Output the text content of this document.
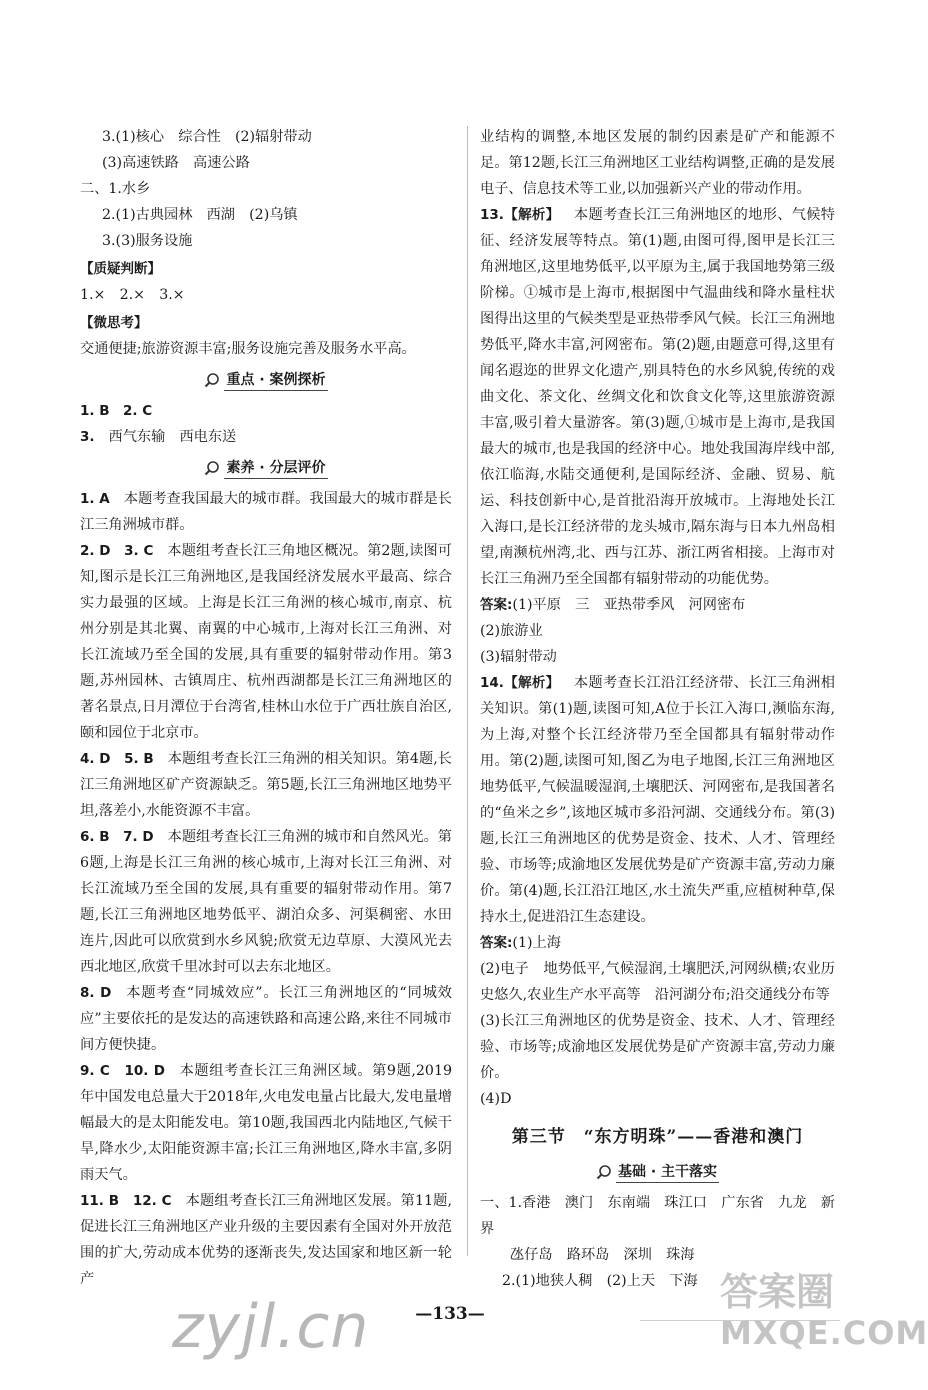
3.(1)核心　综合性　(2)辐射带动

(3)高速铁路　高速公路

二、1.水乡

2.(1)古典园林　西湖　(2)乌镇

3.(3)服务设施

【质疑判断】

1.×　2.×　3.×

【微思考】

交通便捷;旅游资源丰富;服务设施完善及服务水平高。

重点 · 案例探析

1. B　2. C

3. 西气东输　西电东送

素养 · 分层评价

1. A 本题考查我国最大的城市群。我国最大的城市群是长江三角洲城市群。

2. D　3. C 本题组考查长江三角地区概况。第2题,读图可知,图示是长江三角洲地区,是我国经济发展水平最高、综合实力最强的区域。上海是长江三角洲的核心城市,南京、杭州分别是其北翼、南翼的中心城市,上海对长江三角洲、对长江流域乃至全国的发展,具有重要的辐射带动作用。第3题,苏州园林、古镇周庄、杭州西湖都是长江三角洲地区的著名景点,日月潭位于台湾省,桂林山水位于广西壮族自治区,颐和园位于北京市。

4. D　5. B 本题组考查长江三角洲的相关知识。第4题,长江三角洲地区矿产资源缺乏。第5题,长江三角洲地区地势平坦,落差小,水能资源不丰富。

6. B　7. D 本题组考查长江三角洲的城市和自然风光。第6题,上海是长江三角洲的核心城市,上海对长江三角洲、对长江流域乃至全国的发展,具有重要的辐射带动作用。第7题,长江三角洲地区地势低平、湖泊众多、河渠稠密、水田连片,因此可以欣赏到水乡风貌;欣赏无边草原、大漠风光去西北地区,欣赏千里冰封可以去东北地区。

8. D 本题考查“同城效应”。长江三角洲地区的“同城效应”主要依托的是发达的高速铁路和高速公路,来往不同城市间方便快捷。

9. C　10. D 本题组考查长江三角洲区域。第9题,2019年中国发电总量大于2018年,火电发电量占比最大,发电量增幅最大的是太阳能发电。第10题,我国西北内陆地区,气候干旱,降水少,太阳能资源丰富;长江三角洲地区,降水丰富,多阴雨天气。

11. B　12. C 本题组考查长江三角洲地区发展。第11题,促进长江三角洲地区产业升级的主要因素有全国对外开放范围的扩大,劳动成本优势的逐渐丧失,发达国家和地区新一轮产

业结构的调整,本地区发展的制约因素是矿产和能源不足。第12题,长江三角洲地区工业结构调整,正确的是发展电子、信息技术等工业,以加强新兴产业的带动作用。

13.【解析】 本题考查长江三角洲地区的地形、气候特征、经济发展等特点。第(1)题,由图可得,图甲是长江三角洲地区,这里地势低平,以平原为主,属于我国地势第三级阶梯。①城市是上海市,根据图中气温曲线和降水量柱状图得出这里的气候类型是亚热带季风气候。长江三角洲地势低平,降水丰富,河网密布。第(2)题,由题意可得,这里有闻名遐迩的世界文化遗产,别具特色的水乡风貌,传统的戏曲文化、茶文化、丝绸文化和饮食文化等,这里旅游资源丰富,吸引着大量游客。第(3)题,①城市是上海市,是我国最大的城市,也是我国的经济中心。地处我国海岸线中部,依江临海,水陆交通便利,是国际经济、金融、贸易、航运、科技创新中心,是首批沿海开放城市。上海地处长江入海口,是长江经济带的龙头城市,隔东海与日本九州岛相望,南濒杭州湾,北、西与江苏、浙江两省相接。上海市对长江三角洲乃至全国都有辐射带动的功能优势。

答案:(1)平原　三　亚热带季风　河网密布

(2)旅游业

(3)辐射带动

14.【解析】 本题考查长江沿江经济带、长江三角洲相关知识。第(1)题,读图可知,A位于长江入海口,濒临东海,为上海,对整个长江经济带乃至全国都具有辐射带动作用。第(2)题,读图可知,图乙为电子地图,长江三角洲地区地势低平,气候温暖湿润,土壤肥沃、河网密布,是我国著名的“鱼米之乡”,该地区城市多沿河湖、交通线分布。第(3)题,长江三角洲地区的优势是资金、技术、人才、管理经验、市场等;成渝地区发展优势是矿产资源丰富,劳动力廉价。第(4)题,长江沿江地区,水土流失严重,应植树种草,保持水土,促进沿江生态建设。

答案:(1)上海

(2)电子　地势低平,气候湿润,土壤肥沃,河网纵横;农业历史悠久,农业生产水平高等　沿河湖分布;沿交通线分布等

(3)长江三角洲地区的优势是资金、技术、人才、管理经验、市场等;成渝地区发展优势是矿产资源丰富,劳动力廉价。

(4)D

第三节　“东方明珠”——香港和澳门
基础 · 主干落实

一、1.香港　澳门　东南端　珠江口　广东省　九龙　新界

氹仔岛　路环岛　深圳　珠海

2.(1)地狭人稠　(2)上天　下海

—133—
zyjl.cn	答案圈
MXQE.COM
